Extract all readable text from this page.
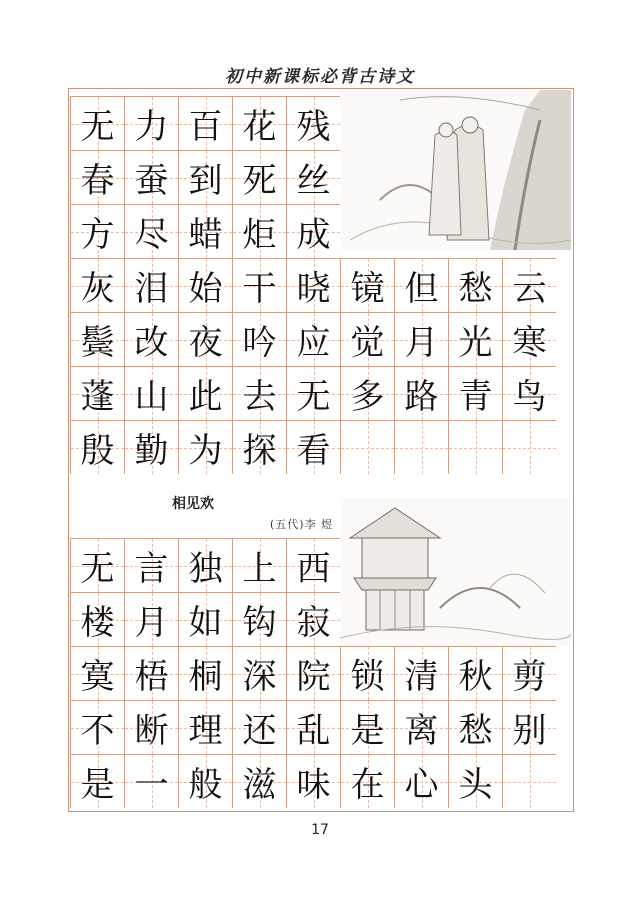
初中新课标必背古诗文
相见欢
(五代)李 煜
17
无 力 百 花 残
春 蚕 到 死 丝
方 尽 蜡 炬 成
灰 泪 始 干 晓 镜 但 愁 云
鬓 改 夜 吟 应 觉 月 光 寒
蓬 山 此 去 无 多 路 青 鸟
殷 勤 为 探 看
无 言 独 上 西
楼 月 如 钩 寂
寞 梧 桐 深 院 锁 清 秋 剪
不 断 理 还 乱 是 离 愁 别
是 一 般 滋 味 在 心 头
